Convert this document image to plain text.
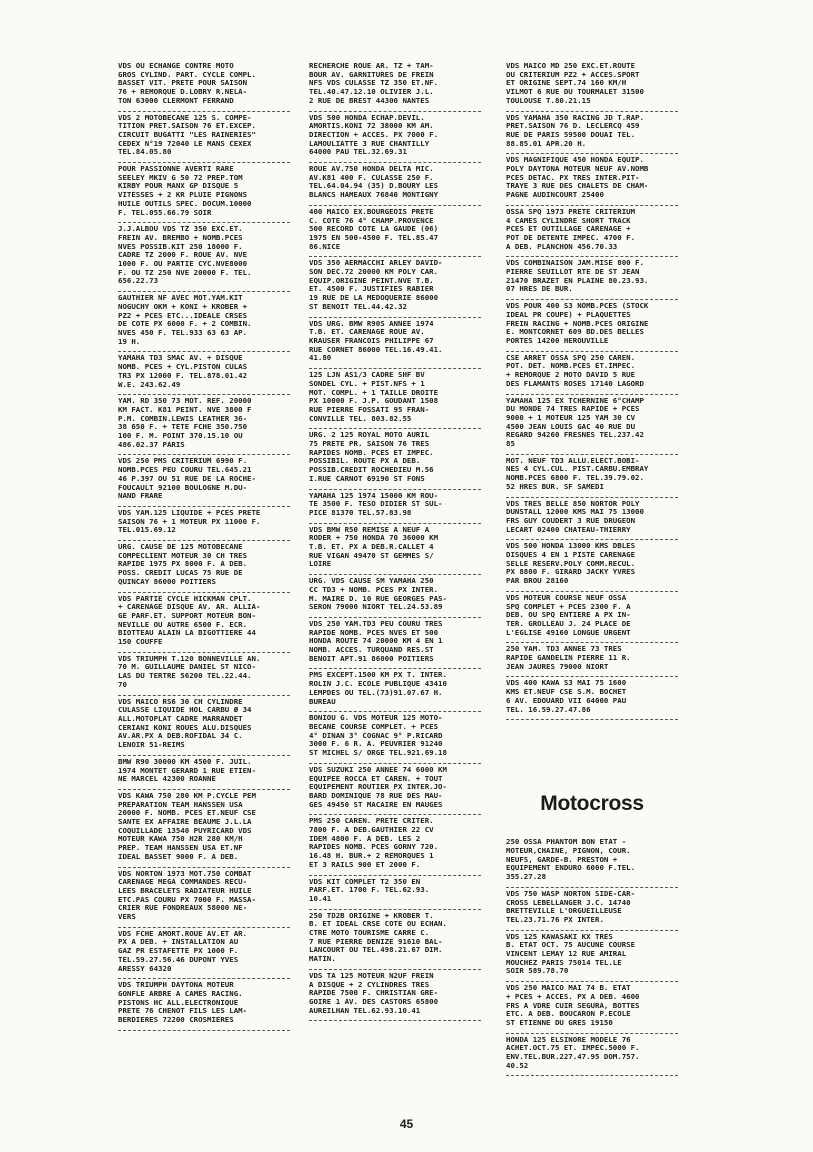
VDS OU ECHANGE CONTRE MOTO
GROS CYLIND. PART. CYCLE COMPL.
BASSET VIT. PRETE POUR SAISON
76 + REMORQUE D.LOBRY R.NELA-
TON 63000 CLERMONT FERRAND
VDS 2 MOTOBECANE 125 S. COMPE-
TITION PRET.SAISON 76 ET.EXCEP.
CIRCUIT BUGATTI "LES RAINERIES"
CEDEX N°19 72040 LE MANS CEXEX
TEL.84.05.80
POUR PASSIONNE AVERTI RARE
SEELEY MKIV G 50 72 PREP.TOM
KIRBY POUR MANX GP DISQUE 5
VITESSES + 2 KR PLUIE PIGNONS
HUILE OUTILS SPEC. DOCUM.10000
F. TEL.055.66.79 SOIR
J.J.ALBOU VDS TZ 350 EXC.ET.
FREIN AV. BREMBO + NOMB.PCES
NVES POSSIB.KIT 250 18000 F.
CADRE TZ 2000 F. ROUE AV. NVE
1000 F. OU PARTIE CYC.NVE8000
F. OU TZ 250 NVE 20000 F. TEL.
656.22.73
GAUTHIER NF AVEC MOT.YAM.KIT
NOGUCHY OKM + KONI + KROBER +
PZ2 + PCES ETC...IDEALE CRSES
DE COTE PX 6000 F. + 2 COMBIN.
NVES 450 F. TEL.933 63 63 AP.
19 H.
YAMAHA TD3 SMAC AV. + DISQUE
NOMB. PCES + CYL.PISTON CULAS
TR3 PX 12000 F. TEL.878.01.42
W.E. 243.62.49
YAM. RD 350 73 MOT. REF. 20000
KM FACT. K81 PEINT. NVE 3800 F
P.M. COMBIN.LEWIS LEATHER 36-
38 650 F. + TETE FCHE 350.750
100 F. M. POINT 370.15.10 OU
486.02.37 PARIS
VDS 250 PMS CRITERIUM 6990 F.
NOMB.PCES PEU COURU TEL.645.21
46 P.397 OU 51 RUE DE LA ROCHE-
FOUCAULT 92100 BOULOGNE M.DU-
NAND FRARE
VDS YAM.125 LIQUIDE + PCES PRETE
SAISON 76 + 1 MOTEUR PX 11000 F.
TEL.015.69.12
URG. CAUSE DE 125 MOTOBECANE
COMPECLIENT MOTEUR 30 CH TRES
RAPIDE 1975 PX 8000 F. A DEB.
POSS. CREDIT LUCAS 75 RUE DE
QUINCAY 86000 POITIERS
VDS PARTIE CYCLE HICKMAN CPLT.
+ CARENAGE DISQUE AV. AR. ALLIA-
GE PARF.ET. SUPPORT MOTEUR BON-
NEVILLE OU AUTRE 6500 F. ECR.
BIOTTEAU ALAIN LA BIGOTTIERE 44
150 COUFFE
VDS TRIUMPH T.120 BONNEVILLE AN.
70 M. GUILLAUME DANIEL ST NICO-
LAS DU TERTRE 56200 TEL.22.44.
70
VDS MAICO RS6 30 CH CYLINDRE
CULASSE LIQUIDE HOL CARBU Ø 34
ALL.MOTOPLAT CADRE MARRANDET
CERIANI KONI ROUES ALU.DISQUES
AV.AR.PX A DEB.ROFIDAL 34 C.
LENOIR 51-REIMS
BMW R90 30000 KM 4500 F. JUIL.
1974 MONTET GERARD 1 RUE ETIEN-
NE MARCEL 42300 ROANNE
VDS KAWA 750 280 KM P.CYCLE PEM
PREPARATION TEAM HANSSEN USA
20000 F. NOMB. PCES ET.NEUF CSE
SANTE EX AFFAIRE BEAUME J.L.LA
COQUILLADE 13540 PUYRICARD VDS
MOTEUR KAWA 750 H2R 280 KM/H
PREP. TEAM HANSSEN USA ET.NF
IDEAL BASSET 9000 F. A DEB.
VDS NORTON 1973 MOT.750 COMBAT
CARENAGE MEGA COMMANDES RECU-
LEES BRACELETS RADIATEUR HUILE
ETC.PAS COURU PX 7000 F. MASSA-
CRIER RUE FONDREAUX 58000 NE-
VERS
VDS FCHE AMORT.ROUE AV.ET AR.
PX A DEB. + INSTALLATION AU
GAZ PR ESTAFETTE PX 1000 F.
TEL.59.27.56.46 DUPONT YVES
ARESSY 64320
VDS TRIUMPH DAYTONA MOTEUR
GONFLE ARBRE A CAMES RACING.
PISTONS HC ALL.ELECTRONIQUE
PRETE 76 CHENOT FILS LES LAM-
BERDIERES 72200 CROSMIERES
RECHERCHE ROUE AR. TZ + TAM-
BOUR AV. GARNITURES DE FREIN
NFS VDS CULASSE TZ 350 ET.NF.
TEL.40.47.12.10 OLIVIER J.L.
2 RUE DE BREST 44300 NANTES
VDS 500 HONDA ECHAP.DEVIL.
AMORTIS.KONI 72 38000 KM AM.
DIRECTION + ACCES. PX 7000 F.
LAMOULIATTE 3 RUE CHANTILLY
64000 PAU TEL.32.69.31
ROUE AV.750 HONDA DELTA MIC.
AV.K81 400 F. CULASSE 250 F.
TEL.64.04.94 (35) D.BOURY LES
BLANCS HAMEAUX 76840 MONTIGNY
400 MAICO EX.BOURGEOIS PRETE
C. COTE 76 4° CHAMP.PROVENCE
500 RECORD COTE LA GAUDE (06)
1975 EN 500-4500 F. TEL.85.47
86.NICE
VDS 350 AERMACCHI ARLEY DAVID-
SON DEC.72 20000 KM POLY CAR.
EQUIP.ORIGINE PEINT.NVE T.B.
ET. 4500 F. JUSTIFIES RABIER
19 RUE DE LA MEDOQUERIE 86000
ST BENOIT TEL.44.42.32
VDS URG. BMW R90S ANNEE 1974
T.B. ET. CARENAGE ROUE AV.
KRAUSER FRANCOIS PHILIPPE 67
RUE CORNET 86000 TEL.16.49.41.
41.80
125 LJN AS1/3 CADRE SHF BV
SONDEL CYL. + PIST.NFS + 1
MOT. COMPL. + 1 TAILLE DROITE
PX 10000 F. J.P. GOUDANT 1508
RUE PIERRE FOSSATI 95 FRAN-
CONVILLE TEL. 803.82.55
URG. 2 125 ROYAL MOTO AURIL
75 PRETE PR. SAISON 76 TRES
RAPIDES NOMB. PCES ET IMPEC.
POSSIBIL. ROUTE PX A DEB.
POSSIB.CREDIT ROCHEDIEU M.56
I.RUE CARNOT 69190 ST FONS
YAMAHA 125 1974 15000 KM ROU-
TE 3500 F. TESO DIDIER ST SUL-
PICE 81370 TEL.57.83.98
VDS BMW R50 REMISE A NEUF A
RODER + 750 HONDA 70 36000 KM
T.B. ET. PX A DEB.R.CALLET 4
RUE VIGAN 49470 ST GEMMES S/
LOIRE
URG. VDS CAUSE SM YAMAHA 250
CC TD3 + NOMB. PCES PX INTER.
M. MAIRE D. 10 RUE GEORGES PAS-
SERON 79000 NIORT TEL.24.53.89
VDS 250 YAM.TD3 PEU COURU TRES
RAPIDE NOMB. PCES NVES ET 500
HONDA ROUTE 74 20000 KM 4 EN 1
NOMB. ACCES. TURQUAND RES.ST
BENOIT APT.91 86000 POITIERS
PMS EXCEPT.1500 KM PX T. INTER.
ROLIN J.C. ECOLE PUBLIQUE 43410
LEMPDES OU TEL.(73)91.07.67 H.
BUREAU
BONIOU G. VDS MOTEUR 125 MOTO-
BECANE COURSE COMPLET. + PCES
4° DINAN 3° COGNAC 9° P.RICARD
3000 F. 6 R. A. PEUVRIER 91240
ST MICHEL S/ ORGE TEL.921.69.18
VDS SUZUKI 250 ANNEE 74 6000 KM
EQUIPEE ROCCA ET CAREN. + TOUT
EQUIPEMENT ROUTIER PX INTER.JO-
BARD DOMINIQUE 78 RUE DES MAU-
GES 49450 ST MACAIRE EN MAUGES
PMS 250 CAREN. PRETE CRITER.
7800 F. A DEB.GAUTHIER 22 CV
IDEM 4800 F. A DEB. LES 2
RAPIDES NOMB. PCES GORNY 720.
16.48 H. BUR.+ 2 REMORQUES 1
ET 3 RAILS 900 ET 2000 F.
VDS KIT COMPLET T2 350 EN
PARF.ET. 1700 F. TEL.62.93.
10.41
250 TD2B ORIGINE + KROBER T.
B. ET IDEAL CRSE COTE OU ECHAN.
CTRE MOTO TOURISME CARRE C.
7 RUE PIERRE DENIZE 91610 BAL-
LANCOURT OU TEL.498.21.67 DIM.
MATIN.
VDS TA 125 MOTEUR N2UF FREIN
A DISQUE + 2 CYLINDRES TRES
RAPIDE 7500 F. CHRISTIAN GRE-
GOIRE 1 AV. DES CASTORS 65800
AUREILHAN TEL.62.93.10.41
VDS MAICO MD 250 EXC.ET.ROUTE
OU CRITERIUM PZ2 + ACCES.SPORT
ET ORIGINE SEPT.74 160 KM/H
VILMOT 6 RUE DU TOURMALET 31500
TOULOUSE T.80.21.15
VDS YAMAHA 350 RACING JD T.RAP.
PRET.SAISON 76 D. LECLERCQ 459
RUE DE PARIS 59500 DOUAI TEL.
88.85.01 APR.20 H.
VDS MAGNIFIQUE 450 HONDA EQUIP.
POLY DAYTONA MOTEUR NEUF AV.NOMB
PCES DETAC. PX TRES INTER.PIT-
TRAYE 3 RUE DES CHALETS DE CHAM-
PAGNE AUDINCOURT 25400
OSSA SPQ 1973 PRETE CRITERIUM
4 CAMES CYLINDRE SHORT TRACK
PCES ET OUTILLAGE CARENAGE +
POT DE DETENTE IMPEC. 4700 F.
A DEB. PLANCHON 456.70.33
VDS COMBINAISON JAM.MISE 800 F.
PIERRE SEUILLOT RTE DE ST JEAN
21470 BRAZET EN PLAINE 80.23.93.
07 HRES DE BUR.
VDS POUR 400 S3 NOMB.PCES (STOCK
IDEAL PR COUPE) + PLAQUETTES
FREIN RACING + NOMB.PCES ORIGINE
E. MONTCORNET 609 BD.DES BELLES
PORTES 14200 HEROUVILLE
CSE ARRET OSSA SPQ 250 CAREN.
POT. DET. NOMB.PCES ET.IMPEC.
+ REMORQUE 2 MOTO DAVID 5 RUE
DES FLAMANTS ROSES 17140 LAGORD
YAMAHA 125 EX TCHERNINE 6°CHAMP
DU MONDE 74 TRES RAPIDE + PCES
9000 + 1 MOTEUR 125 YAM 30 CV
4500 JEAN LOUIS GAC 40 RUE DU
REGARD 94260 FRESNES TEL.237.42
85
MOT. NEUF TD3 ALLU.ELECT.BOBI-
NES 4 CYL.CUL. PIST.CARBU.EMBRAY
NOMB.PCES 6800 F. TEL.39.79.02.
52 HRES BUR. SF SAMEDI
VDS TRES BELLE 850 NORTOR POLY
DUNSTALL 12000 KMS MAI 75 13000
FRS GUY COUDERT 3 RUE DRUGEON
LECART 02400 CHATEAU-THIERRY
VDS 500 HONDA 13000 KMS DBLES
DISQUES 4 EN 1 PISTE CARENAGE
SELLE RESERV.POLY COMM.RECUL.
PX 8800 F. GIRARD JACKY YVRES
PAR BROU 28160
VDS MOTEUR COURSE NEUF OSSA
SPQ COMPLET + PCES 2300 F. A
DEB. OU SPQ ENTIERE A PX IN-
TER. GROLLEAU J. 24 PLACE DE
L'EGLISE 49160 LONGUE URGENT
250 YAM. TD3 ANNEE 73 TRES
RAPIDE GANDELIN PIERRE 11 R.
JEAN JAURES 79000 NIORT
VDS 400 KAWA S3 MAI 75 1600
KMS ET.NEUF CSE S.M. BOCHET
6 AV. EDOUARD VII 64000 PAU
TEL. 16.59.27.47.86
Motocross
250 OSSA PHANTOM BON ETAT -
MOTEUR,CHAINE, PIGNON, COUR.
NEUFS, GARDE-B. PRESTON +
EQUIPEMENT ENDURO 6000 F.TEL.
355.27.28
VDS 750 WASP NORTON SIDE-CAR-
CROSS LEBELLANGER J.C. 14740
BRETTEVILLE L'ORGUEILLEUSE
TEL.23.71.76 PX INTER.
VDS 125 KAWASAKI KX TRES
B. ETAT OCT. 75 AUCUNE COURSE
VINCENT LEMAY 12 RUE AMIRAL
MOUCHEZ PARIS 75014 TEL.LE
SOIR 589.78.70
VDS 250 MAICO MAI 74 B. ETAT
+ PCES + ACCES. PX A DEB. 4600
FRS A VDRE CUIR SEGURA, BOTTES
ETC. A DEB. BOUCARON P.ECOLE
ST ETIENNE DU GRES 19150
HONDA 125 ELSINORE MODELE 76
ACHET.OCT.75 ET. IMPEC.5000 F.
ENV.TEL.BUR.227.47.95 DOM.757.
40.52
45
